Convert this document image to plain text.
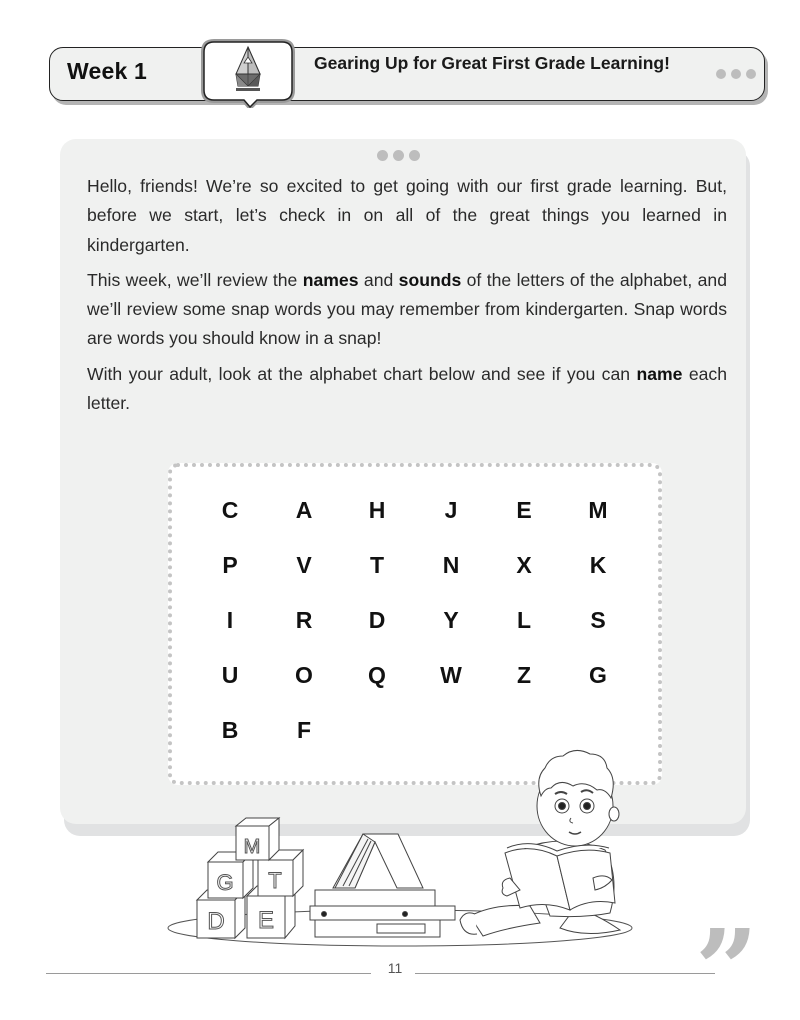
Week 1	Gearing Up for Great First Grade Learning!

Hello, friends! We’re so excited to get going with our first grade learning. But, before we start, let’s check in on all of the great things you learned in kindergarten.

This week, we’ll review the names and sounds of the letters of the alphabet, and we’ll review some snap words you may remember from kindergarten. Snap words are words you should know in a snap!

With your adult, look at the alphabet chart below and see if you can name each letter.

C	A	H	J	E	M
P	V	T	N	X	K
I	R	D	Y	L	S
U	O	Q	W	Z	G
B	F
D E
G T
M
11	”
